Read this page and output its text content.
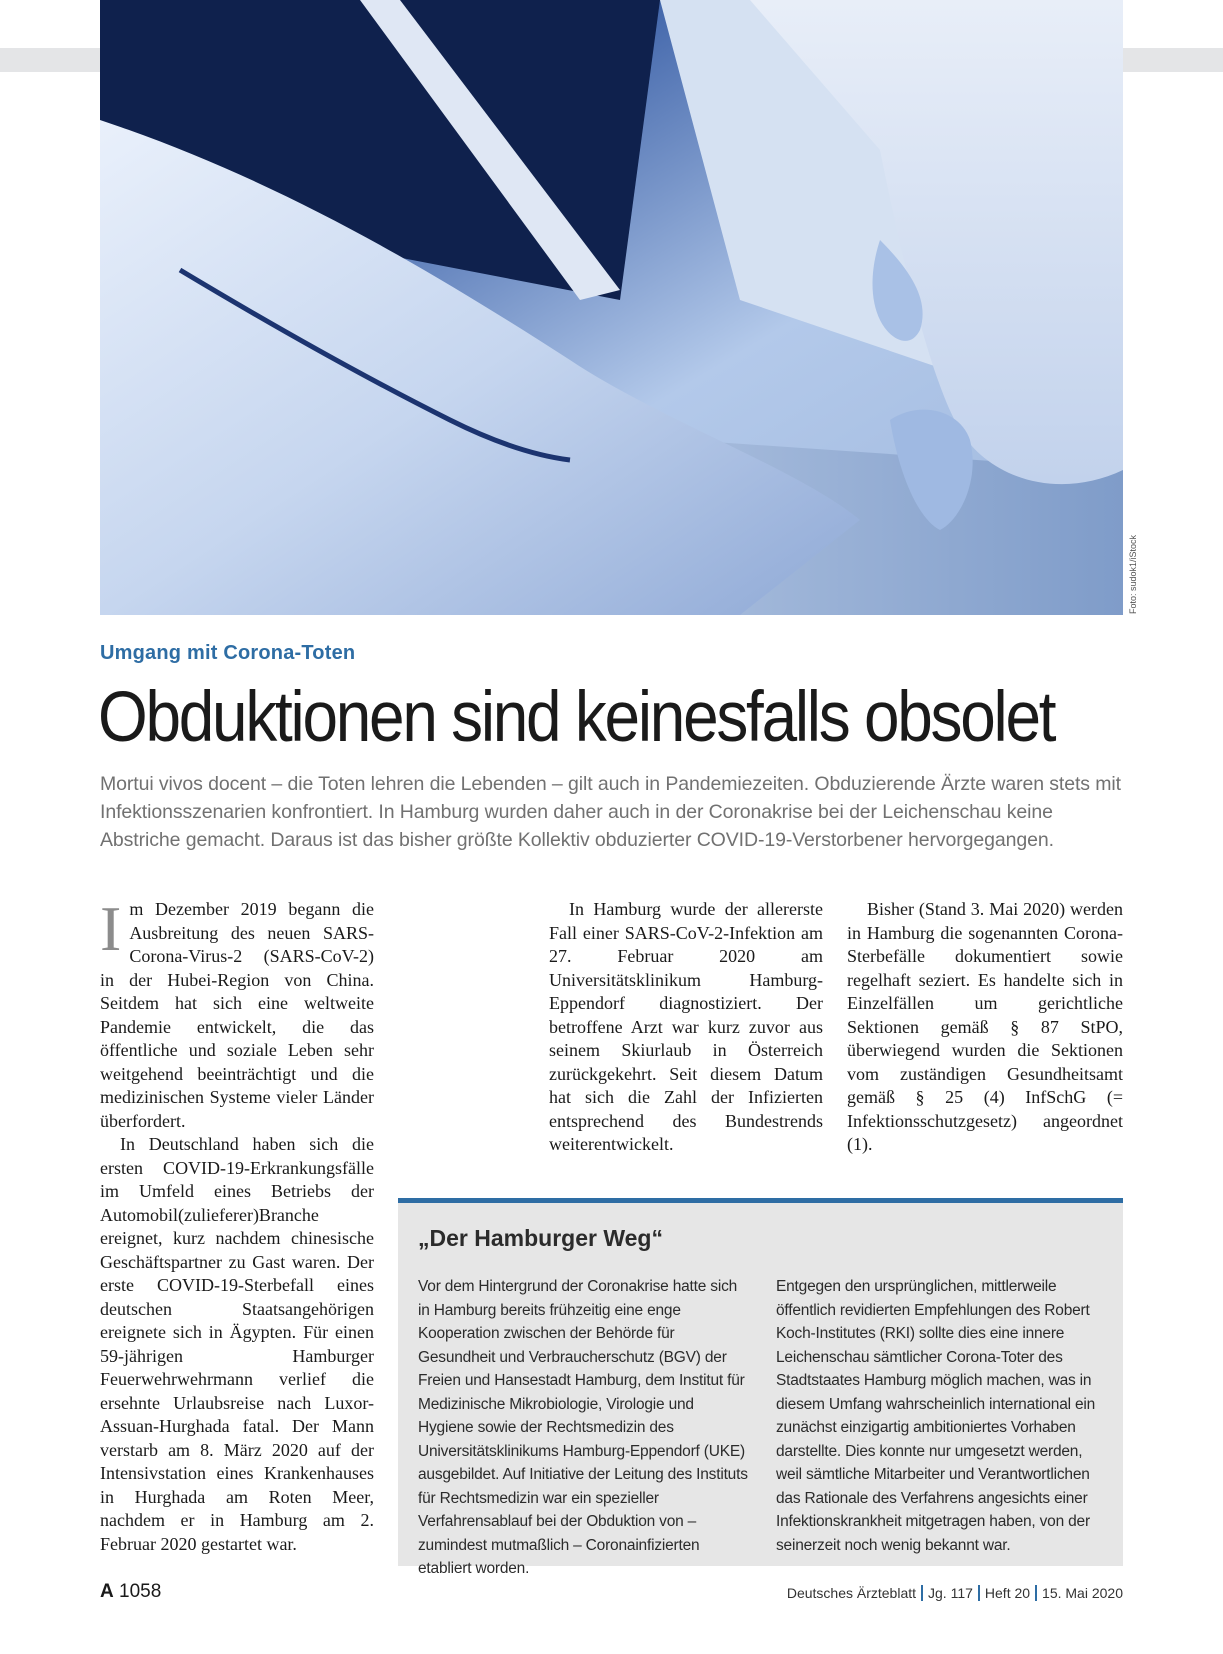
Foto: sudok1/iStock
Umgang mit Corona-Toten
Obduktionen sind keinesfalls obsolet

Mortui vivos docent – die Toten lehren die Lebenden – gilt auch in Pandemiezeiten. Obduzierende Ärzte waren stets mit Infektionsszenarien konfrontiert. In Hamburg wurden daher auch in der Coronakrise bei der Leichenschau keine Abstriche gemacht. Daraus ist das bisher größte Kollektiv obduzierter COVID-19-Verstorbener hervorgegangen.

Im Dezember 2019 begann die Ausbreitung des neuen SARS-Corona-Virus-2 (SARS-CoV-2) in der Hubei-Region von China. Seitdem hat sich eine weltweite Pandemie entwickelt, die das öffentliche und soziale Leben sehr weitgehend beeinträchtigt und die medizinischen Systeme vieler Länder überfordert.

In Deutschland haben sich die ersten COVID-19-Erkrankungsfälle im Umfeld eines Betriebs der Automobil(zulieferer)Branche ereignet, kurz nachdem chinesische Geschäftspartner zu Gast waren. Der erste COVID-19-Sterbefall eines deutschen Staatsangehörigen ereignete sich in Ägypten. Für einen 59-jährigen Hamburger Feuerwehrwehrmann verlief die ersehnte Urlaubsreise nach Luxor-Assuan-Hurghada fatal. Der Mann verstarb am 8. März 2020 auf der Intensivstation eines Krankenhauses in Hurghada am Roten Meer, nachdem er in Hamburg am 2. Februar 2020 gestartet war.

In Hamburg wurde der allererste Fall einer SARS-CoV-2-Infektion am 27. Februar 2020 am Universitätsklinikum Hamburg-Eppendorf diagnostiziert. Der betroffene Arzt war kurz zuvor aus seinem Skiurlaub in Österreich zurückgekehrt. Seit diesem Datum hat sich die Zahl der Infizierten entsprechend des Bundestrends weiterentwickelt.

Bisher (Stand 3. Mai 2020) werden in Hamburg die sogenannten Corona-Sterbefälle dokumentiert sowie regelhaft seziert. Es handelte sich in Einzelfällen um gerichtliche Sektionen gemäß § 87 StPO, überwiegend wurden die Sektionen vom zuständigen Gesundheitsamt gemäß § 25 (4) InfSchG (= Infektionsschutzgesetz) angeordnet (1).

„Der Hamburger Weg“

Vor dem Hintergrund der Coronakrise hatte sich in Hamburg bereits frühzeitig eine enge Kooperation zwischen der Behörde für Gesundheit und Verbraucherschutz (BGV) der Freien und Hansestadt Hamburg, dem Institut für Medizinische Mikrobiologie, Virologie und Hygiene sowie der Rechtsmedizin des Universitätsklinikums Hamburg-Eppendorf (UKE) ausgebildet. Auf Initiative der Leitung des Instituts für Rechtsmedizin war ein spezieller Verfahrensablauf bei der Obduktion von – zumindest mutmaßlich – Coronainfizierten etabliert worden.

Entgegen den ursprünglichen, mittlerweile öffentlich revidierten Empfehlungen des Robert Koch-Institutes (RKI) sollte dies eine innere Leichenschau sämtlicher Corona-Toter des Stadtstaates Hamburg möglich machen, was in diesem Umfang wahrscheinlich international ein zunächst einzigartig ambitioniertes Vorhaben darstellte. Dies konnte nur umgesetzt werden, weil sämtliche Mitarbeiter und Verantwortlichen das Rationale des Verfahrens angesichts einer Infektionskrankheit mitgetragen haben, von der seinerzeit noch wenig bekannt war.

A 1058	Deutsches Ärzteblatt Jg. 117 Heft 20 15. Mai 2020
